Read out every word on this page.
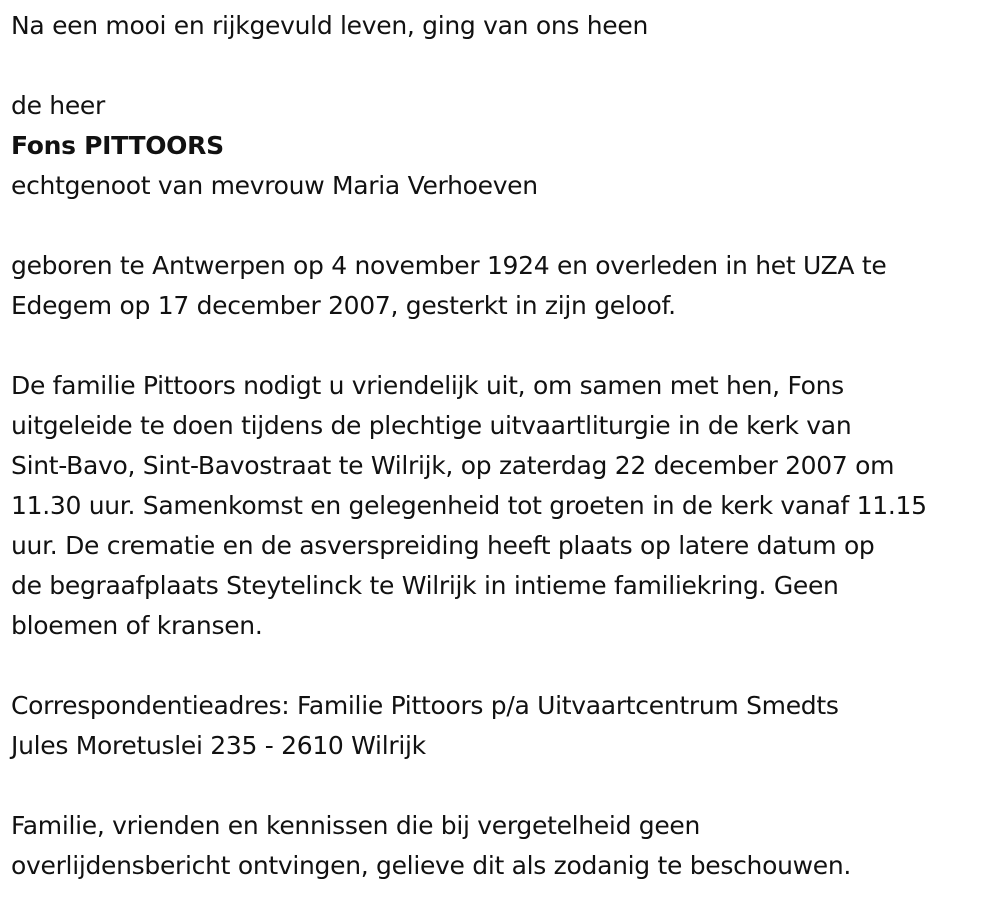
Na een mooi en rijkgevuld leven, ging van ons heen

de heer

Fons PITTOORS

echtgenoot van mevrouw Maria Verhoeven

geboren te Antwerpen op 4 november 1924 en overleden in het UZA te

Edegem op 17 december 2007, gesterkt in zijn geloof.

De familie Pittoors nodigt u vriendelijk uit, om samen met hen, Fons

uitgeleide te doen tijdens de plechtige uitvaartliturgie in de kerk van

Sint-Bavo, Sint-Bavostraat te Wilrijk, op zaterdag 22 december 2007 om

11.30 uur. Samenkomst en gelegenheid tot groeten in de kerk vanaf 11.15

uur. De crematie en de asverspreiding heeft plaats op latere datum op

de begraafplaats Steytelinck te Wilrijk in intieme familiekring. Geen

bloemen of kransen.

Correspondentieadres: Familie Pittoors p/a Uitvaartcentrum Smedts

Jules Moretuslei 235 - 2610 Wilrijk

Familie, vrienden en kennissen die bij vergetelheid geen

overlijdensbericht ontvingen, gelieve dit als zodanig te beschouwen.
